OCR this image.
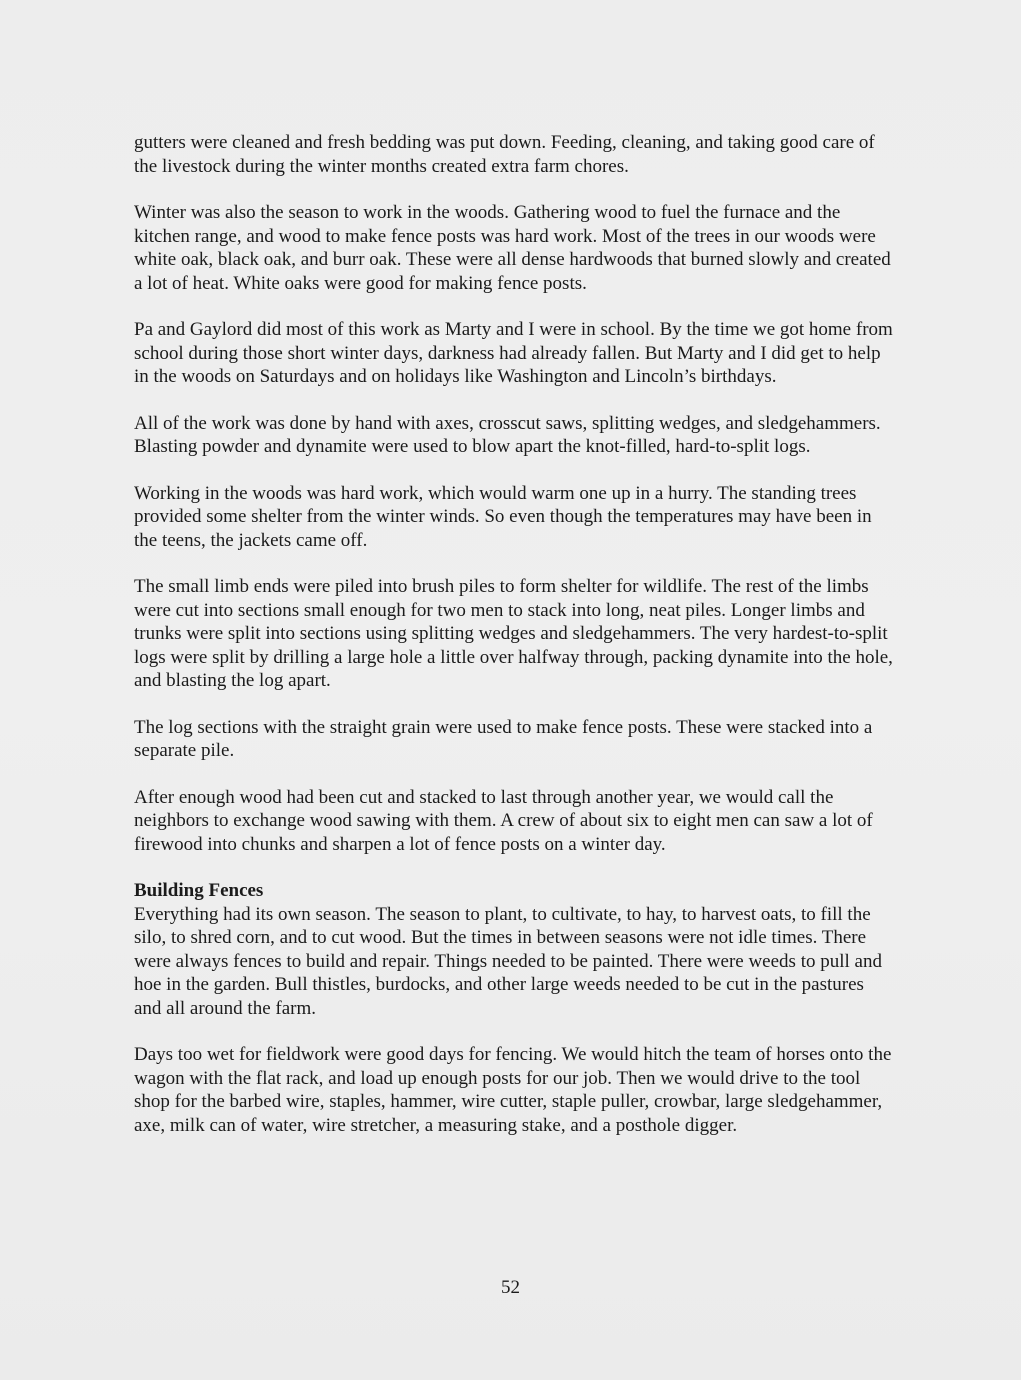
gutters were cleaned and fresh bedding was put down. Feeding, cleaning, and taking good care of the livestock during the winter months created extra farm chores.

Winter was also the season to work in the woods. Gathering wood to fuel the furnace and the kitchen range, and wood to make fence posts was hard work. Most of the trees in our woods were white oak, black oak, and burr oak. These were all dense hardwoods that burned slowly and created a lot of heat. White oaks were good for making fence posts.

Pa and Gaylord did most of this work as Marty and I were in school. By the time we got home from school during those short winter days, darkness had already fallen. But Marty and I did get to help in the woods on Saturdays and on holidays like Washington and Lincoln’s birthdays.

All of the work was done by hand with axes, crosscut saws, splitting wedges, and sledgehammers. Blasting powder and dynamite were used to blow apart the knot-filled, hard-to-split logs.

Working in the woods was hard work, which would warm one up in a hurry. The standing trees provided some shelter from the winter winds. So even though the temperatures may have been in the teens, the jackets came off.

The small limb ends were piled into brush piles to form shelter for wildlife. The rest of the limbs were cut into sections small enough for two men to stack into long, neat piles. Longer limbs and trunks were split into sections using splitting wedges and sledgehammers. The very hardest-to-split logs were split by drilling a large hole a little over halfway through, packing dynamite into the hole, and blasting the log apart.

The log sections with the straight grain were used to make fence posts. These were stacked into a separate pile.

After enough wood had been cut and stacked to last through another year, we would call the neighbors to exchange wood sawing with them. A crew of about six to eight men can saw a lot of firewood into chunks and sharpen a lot of fence posts on a winter day.

Building Fences
Everything had its own season. The season to plant, to cultivate, to hay, to harvest oats, to fill the silo, to shred corn, and to cut wood. But the times in between seasons were not idle times. There were always fences to build and repair. Things needed to be painted. There were weeds to pull and hoe in the garden. Bull thistles, burdocks, and other large weeds needed to be cut in the pastures and all around the farm.

Days too wet for fieldwork were good days for fencing. We would hitch the team of horses onto the wagon with the flat rack, and load up enough posts for our job. Then we would drive to the tool shop for the barbed wire, staples, hammer, wire cutter, staple puller, crowbar, large sledgehammer, axe, milk can of water, wire stretcher, a measuring stake, and a posthole digger.

52
